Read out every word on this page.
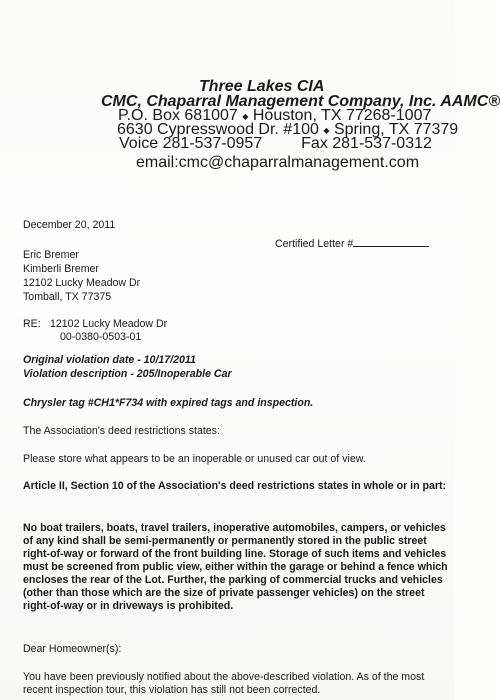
Three Lakes CIA
CMC, Chaparral Management Company, Inc. AAMC®
P.O. Box 681007 ◆ Houston, TX 77268-1007
6630 Cypresswood Dr. #100 ◆ Spring, TX 77379
Voice 281-537-0957 Fax 281-537-0312
email:cmc@chaparralmanagement.com
December 20, 2011
Certified Letter #
Eric Bremer
Kimberli Bremer
12102 Lucky Meadow Dr
Tomball, TX 77375
RE: 12102 Lucky Meadow Dr
00-0380-0503-01
Original violation date - 10/17/2011
Violation description - 205/Inoperable Car
Chrysler tag #CH1*F734 with expired tags and inspection.
The Association's deed restrictions states:
Please store what appears to be an inoperable or unused car out of view.
Article II, Section 10 of the Association's deed restrictions states in whole or in part:
No boat trailers, boats, travel trailers, inoperative automobiles, campers, or vehicles of any kind shall be semi-permanently or permanently stored in the public street right-of-way or forward of the front building line. Storage of such items and vehicles must be screened from public view, either within the garage or behind a fence which encloses the rear of the Lot. Further, the parking of commercial trucks and vehicles (other than those which are the size of private passenger vehicles) on the street right-of-way or in driveways is prohibited.
Dear Homeowner(s):
You have been previously notified about the above-described violation. As of the most recent inspection tour, this violation has still not been corrected.
